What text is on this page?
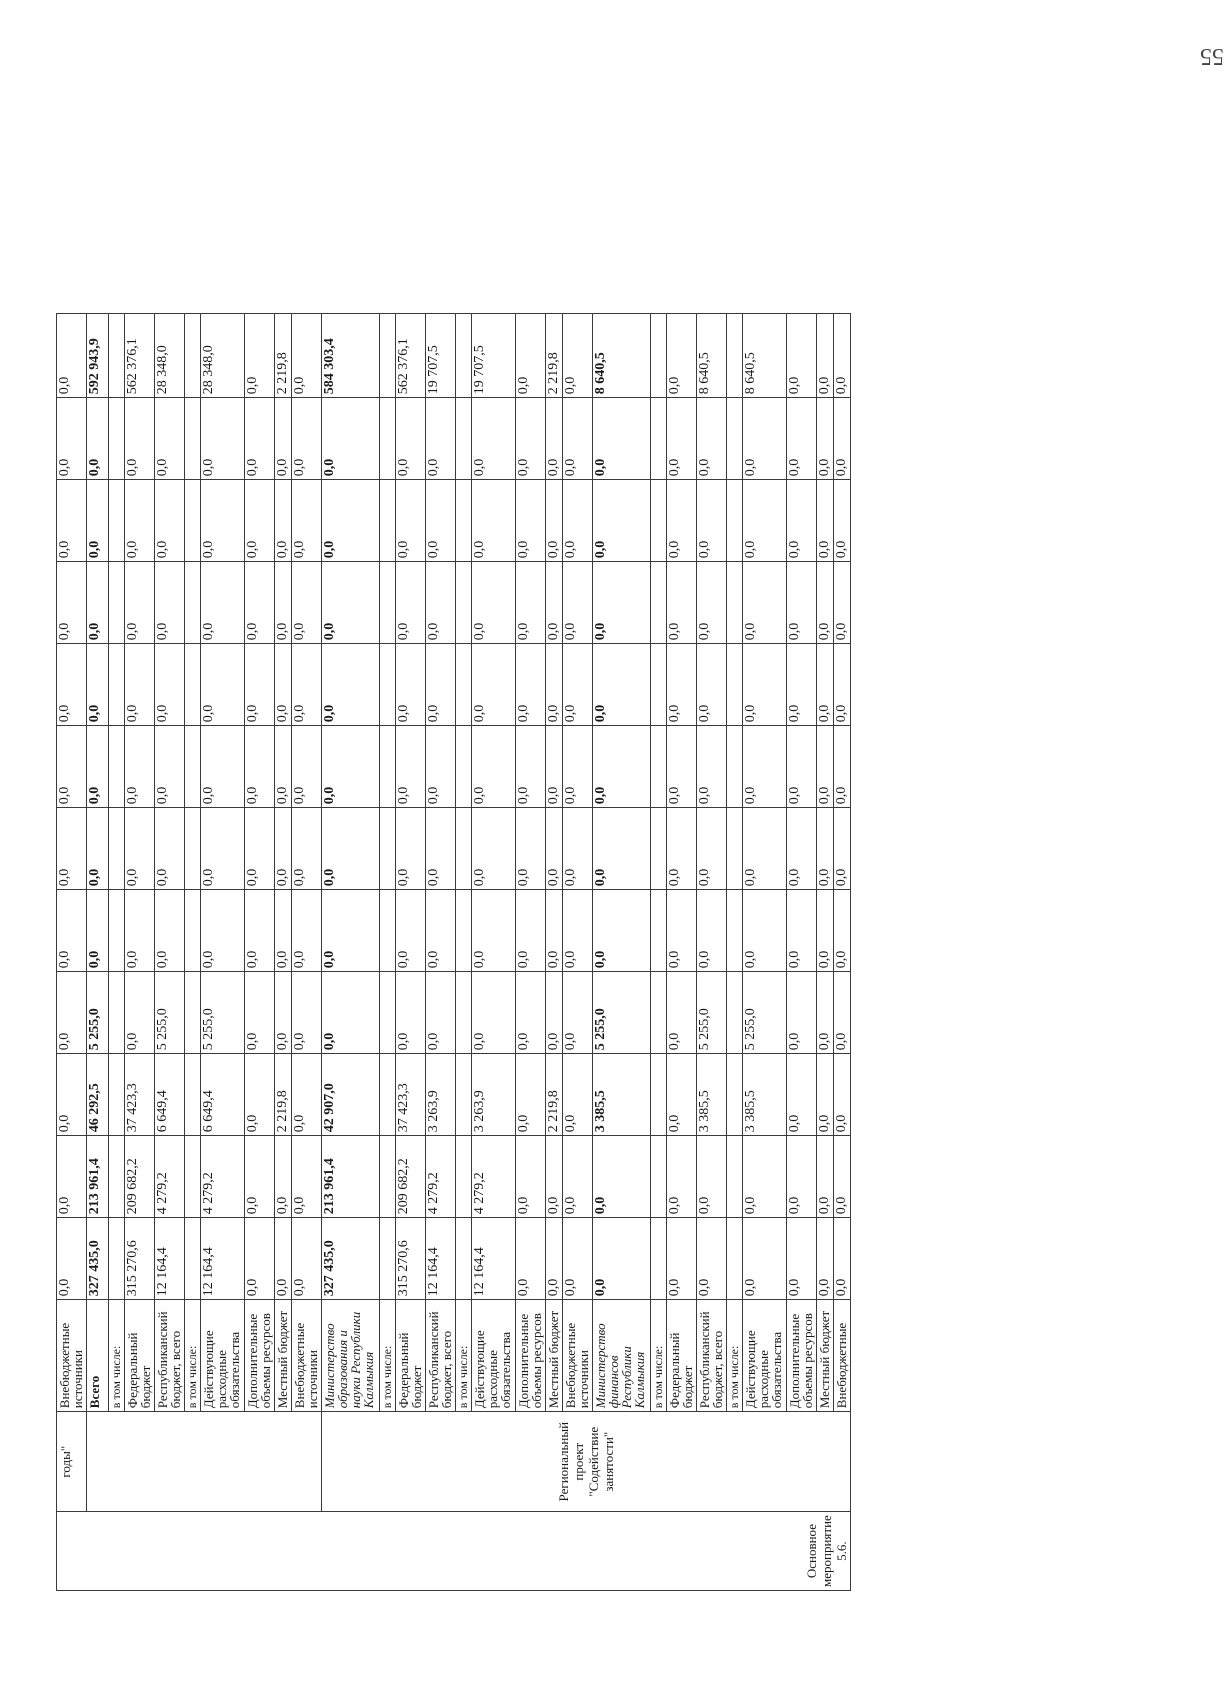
Основное мероприятие 5.6.	годы"	Внебюджетные источники	0,0	0,0	0,0	0,0	0,0	0,0	0,0	0,0	0,0	0,0	0,0	0,0
		Всего	327 435,0	213 961,4	46 292,5	5 255,0	0,0	0,0	0,0	0,0	0,0	0,0	0,0	592 943,9
		в том числе:												
		Федеральный бюджет	315 270,6	209 682,2	37 423,3	0,0	0,0	0,0	0,0	0,0	0,0	0,0	0,0	562 376,1
		Республиканский бюджет, всего	12 164,4	4 279,2	6 649,4	5 255,0	0,0	0,0	0,0	0,0	0,0	0,0	0,0	28 348,0
		в том числе:												
		Действующие расходные обязательства	12 164,4	4 279,2	6 649,4	5 255,0	0,0	0,0	0,0	0,0	0,0	0,0	0,0	28 348,0
		Дополнительные объемы ресурсов	0,0	0,0	0,0	0,0	0,0	0,0	0,0	0,0	0,0	0,0	0,0	0,0
		Местный бюджет	0,0	0,0	2 219,8	0,0	0,0	0,0	0,0	0,0	0,0	0,0	0,0	2 219,8
		Внебюджетные источники	0,0	0,0	0,0	0,0	0,0	0,0	0,0	0,0	0,0	0,0	0,0	0,0
	Региональный проект "Содействие занятости"	Министерство образования и науки Республики Калмыкия	327 435,0	213 961,4	42 907,0	0,0	0,0	0,0	0,0	0,0	0,0	0,0	0,0	584 303,4
		в том числе:												
		Федеральный бюджет	315 270,6	209 682,2	37 423,3	0,0	0,0	0,0	0,0	0,0	0,0	0,0	0,0	562 376,1
		Республиканский бюджет, всего	12 164,4	4 279,2	3 263,9	0,0	0,0	0,0	0,0	0,0	0,0	0,0	0,0	19 707,5
		в том числе:												
		Действующие расходные обязательства	12 164,4	4 279,2	3 263,9	0,0	0,0	0,0	0,0	0,0	0,0	0,0	0,0	19 707,5
		Дополнительные объемы ресурсов	0,0	0,0	0,0	0,0	0,0	0,0	0,0	0,0	0,0	0,0	0,0	0,0
		Местный бюджет	0,0	0,0	2 219,8	0,0	0,0	0,0	0,0	0,0	0,0	0,0	0,0	2 219,8
		Внебюджетные источники	0,0	0,0	0,0	0,0	0,0	0,0	0,0	0,0	0,0	0,0	0,0	0,0
		Министерство финансов Республики Калмыкия	0,0	0,0	3 385,5	5 255,0	0,0	0,0	0,0	0,0	0,0	0,0	0,0	8 640,5
		в том числе:												
		Федеральный бюджет	0,0	0,0	0,0	0,0	0,0	0,0	0,0	0,0	0,0	0,0	0,0	0,0
		Республиканский бюджет, всего	0,0	0,0	3 385,5	5 255,0	0,0	0,0	0,0	0,0	0,0	0,0	0,0	8 640,5
		в том числе:												
		Действующие расходные обязательства	0,0	0,0	3 385,5	5 255,0	0,0	0,0	0,0	0,0	0,0	0,0	0,0	8 640,5
		Дополнительные объемы ресурсов	0,0	0,0	0,0	0,0	0,0	0,0	0,0	0,0	0,0	0,0	0,0	0,0
		Местный бюджет	0,0	0,0	0,0	0,0	0,0	0,0	0,0	0,0	0,0	0,0	0,0	0,0
		Внебюджетные	0,0	0,0	0,0	0,0	0,0	0,0	0,0	0,0	0,0	0,0	0,0	0,0
55
